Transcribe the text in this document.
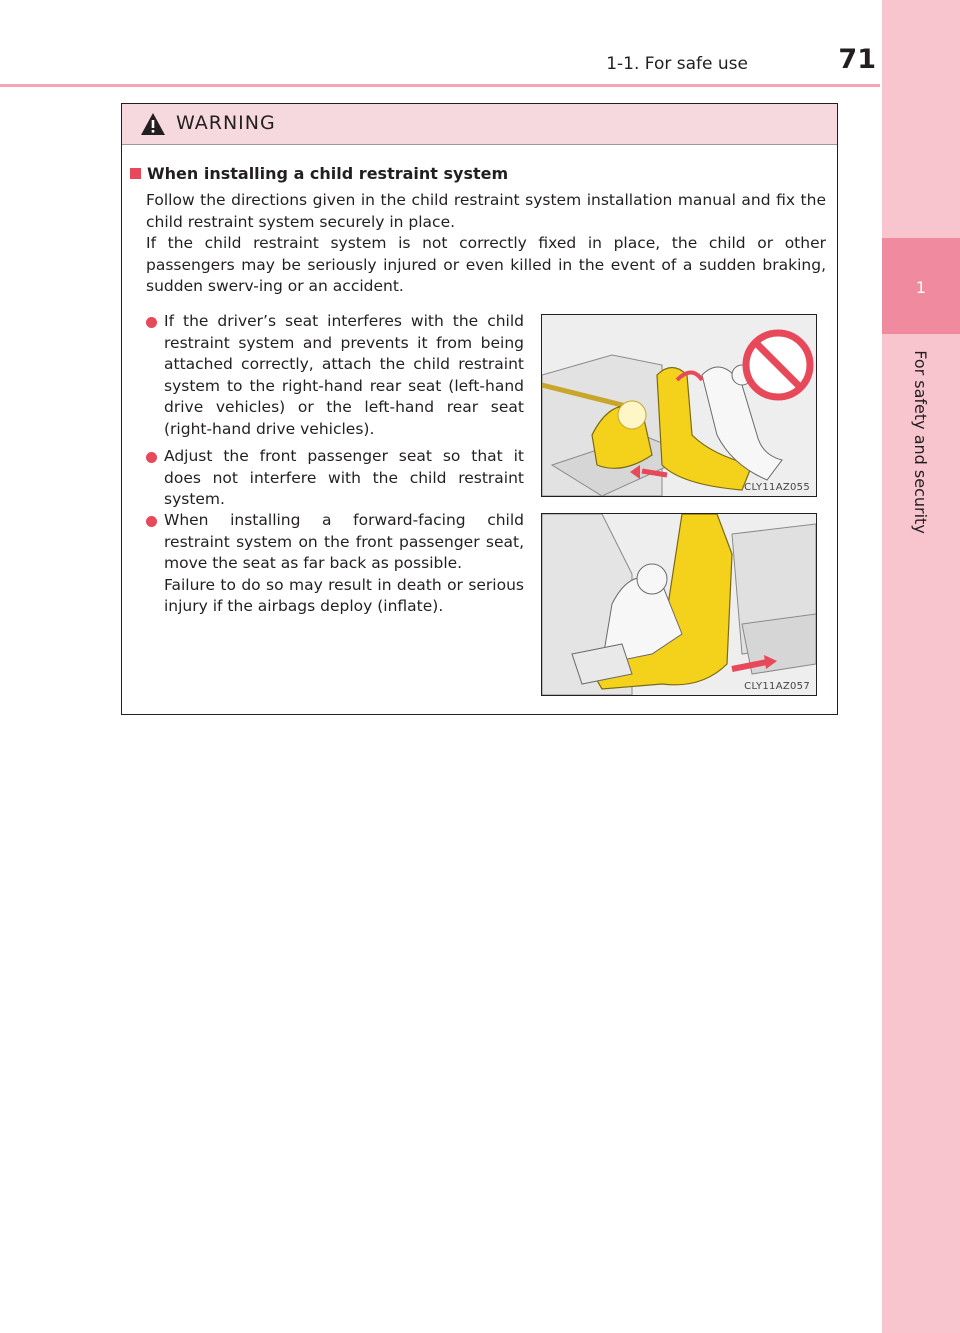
1-1. For safe use	71
1
For safety and security
WARNING
When installing a child restraint system

Follow the directions given in the child restraint system installation manual and fix the child restraint system securely in place.

If the child restraint system is not correctly fixed in place, the child or other passengers may be seriously injured or even killed in the event of a sudden braking, sudden swerv-ing or an accident.

If the driver’s seat interferes with the child restraint system and prevents it from being attached correctly, attach the child restraint system to the right-hand rear seat (left-hand drive vehicles) or the left-hand rear seat (right-hand drive vehicles).
Adjust the front passenger seat so that it does not interfere with the child restraint system.
When installing a forward-facing child restraint system on the front passenger seat, move the seat as far back as possible.
Failure to do so may result in death or serious injury if the airbags deploy (inflate).
CLY11AZ055
CLY11AZ057
